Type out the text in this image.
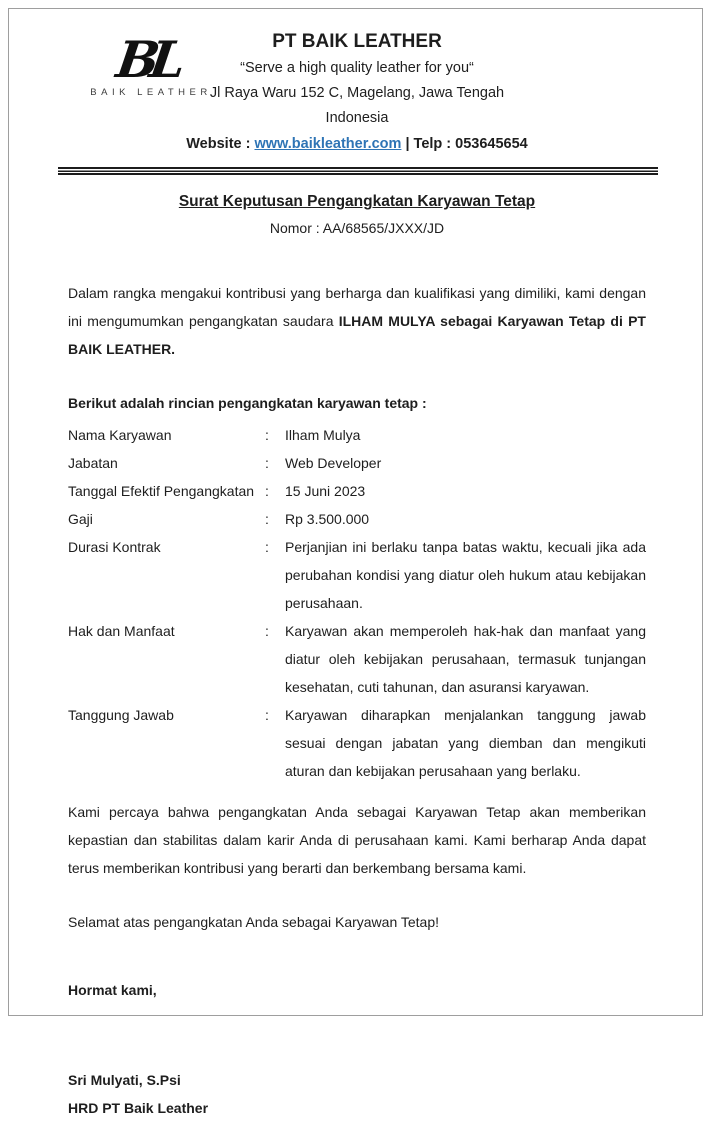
BL
BAIK LEATHER
PT BAIK LEATHER
“Serve a high quality leather for you“
Jl Raya Waru 152 C, Magelang, Jawa Tengah
Indonesia
Website : www.baikleather.com | Telp : 053645654
Surat Keputusan Pengangkatan Karyawan Tetap
Nomor : AA/68565/JXXX/JD
Dalam rangka mengakui kontribusi yang berharga dan kualifikasi yang dimiliki, kami dengan ini mengumumkan pengangkatan saudara ILHAM MULYA sebagai Karyawan Tetap di PT BAIK LEATHER.
Berikut adalah rincian pengangkatan karyawan tetap :
Nama Karyawan	:	Ilham Mulya
Jabatan	:	Web Developer
Tanggal Efektif Pengangkatan :	15 Juni 2023
Gaji	:	Rp 3.500.000
Durasi Kontrak	:	Perjanjian ini berlaku tanpa batas waktu, kecuali jika ada perubahan kondisi yang diatur oleh hukum atau kebijakan perusahaan.
Hak dan Manfaat	:	Karyawan akan memperoleh hak-hak dan manfaat yang diatur oleh kebijakan perusahaan, termasuk tunjangan kesehatan, cuti tahunan, dan asuransi karyawan.
Tanggung Jawab	:	Karyawan diharapkan menjalankan tanggung jawab sesuai dengan jabatan yang diemban dan mengikuti aturan dan kebijakan perusahaan yang berlaku.
Kami percaya bahwa pengangkatan Anda sebagai Karyawan Tetap akan memberikan kepastian dan stabilitas dalam karir Anda di perusahaan kami. Kami berharap Anda dapat terus memberikan kontribusi yang berarti dan berkembang bersama kami.
Selamat atas pengangkatan Anda sebagai Karyawan Tetap!
Hormat kami,
Sri Mulyati, S.Psi
HRD PT Baik Leather
